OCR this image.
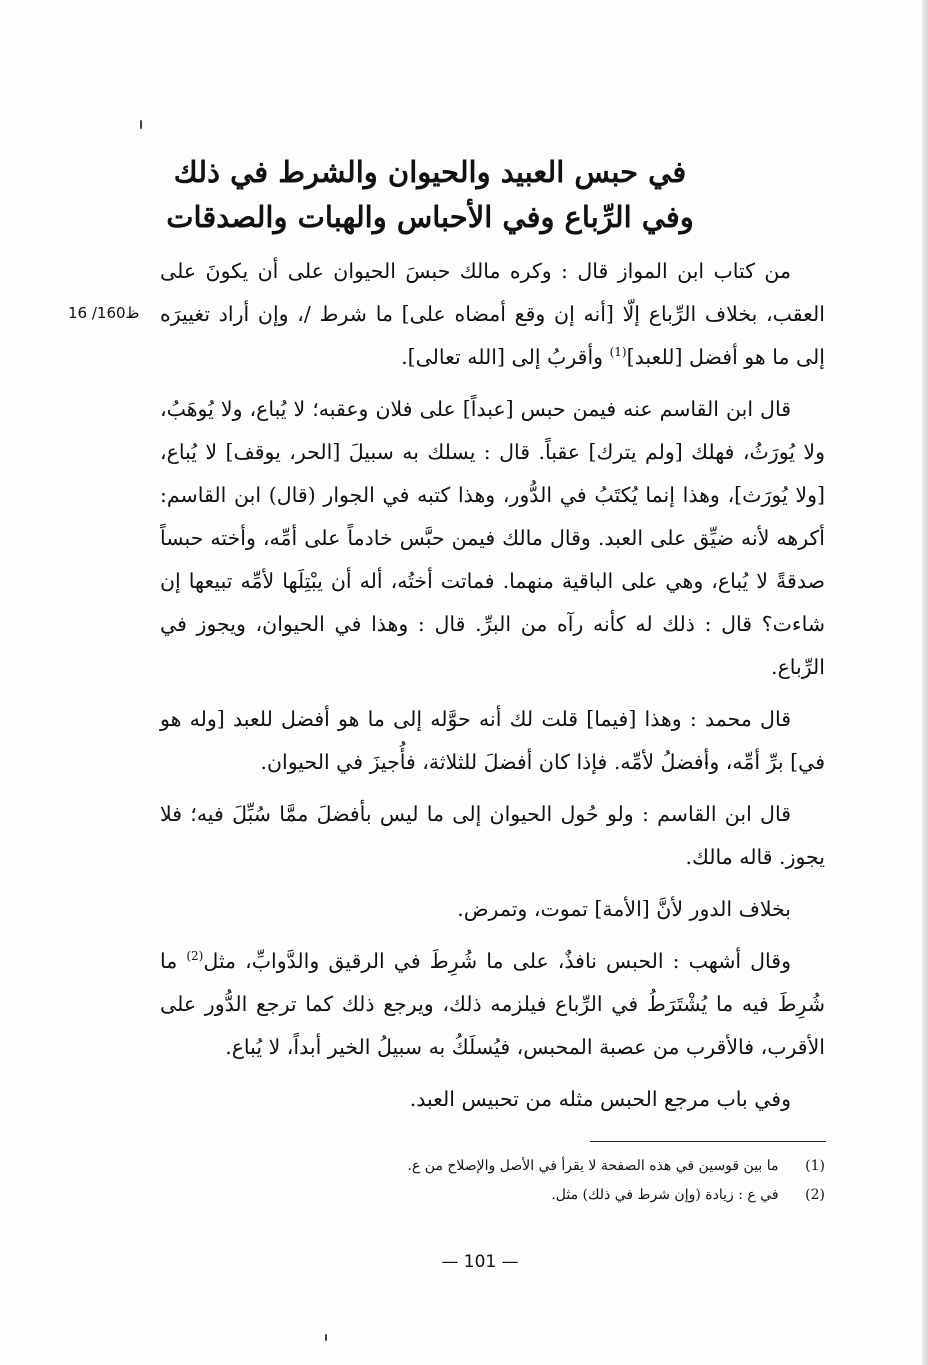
في حبس العبيد والحيوان والشرط في ذلك
وفي الرِّباع وفي الأحباس والهبات والصدقات
16 /160ظ

من كتاب ابن المواز قال : وكره مالك حبسَ الحيوان على أن يكونَ على العقب، بخلاف الرِّباع إلّا [أنه إن وقع أمضاه على] ما شرط /، وإن أراد تغييرَه إلى ما هو أفضل [للعبد]$^{(1)}$ وأقربُ إلى [الله تعالى].

قال ابن القاسم عنه فيمن حبس [عبداً] على فلان وعقبه؛ لا يُباع، ولا يُوهَبُ، ولا يُورَثُ، فهلك [ولم يترك] عقباً. قال : يسلك به سبيلَ [الحر، يوقف] لا يُباع، [ولا يُورَث]، وهذا إنما يُكتَبُ في الدُّور، وهذا كتبه في الجوار (قال) ابن القاسم: أكرهه لأنه ضيِّق على العبد. وقال مالك فيمن حبَّس خادماً على أمِّه، وأخته حبساً صدقةً لا يُباع، وهي على الباقية منهما. فماتت أختُه، أله أن يبْتِلَها لأمِّه تبيعها إن شاءت؟ قال : ذلك له كأنه رآه من البرِّ. قال : وهذا في الحيوان، ويجوز في الرِّباع.

قال محمد : وهذا [فيما] قلت لك أنه حوَّله إلى ما هو أفضل للعبد [وله هو في] برِّ أمِّه، وأفضلُ لأمِّه. فإذا كان أفضلَ للثلاثة، فأُجيزَ في الحيوان.

قال ابن القاسم : ولو حُول الحيوان إلى ما ليس بأفضلَ ممَّا سُبِّلَ فيه؛ فلا يجوز. قاله مالك.

بخلاف الدور لأنَّ [الأمة] تموت، وتمرض.

وقال أشهب : الحبس نافذٌ، على ما شُرِطَ في الرقيق والدَّوابِّ، مثل$^{(2)}$ ما شُرِطَ فيه ما يُشْتَرَطُ في الرِّباع فيلزمه ذلك، ويرجع ذلك كما ترجع الدُّور على الأقرب، فالأقرب من عصبة المحبس، فيُسلَكُ به سبيلُ الخير أبداً، لا يُباع.

وفي باب مرجع الحبس مثله من تحبيس العبد.

(1) ما بين قوسين في هذه الصفحة لا يقرأ في الأصل والإصلاح من ع.
(2) في ع : زيادة (وإن شرط في ذلك) مثل.
— 101 —
